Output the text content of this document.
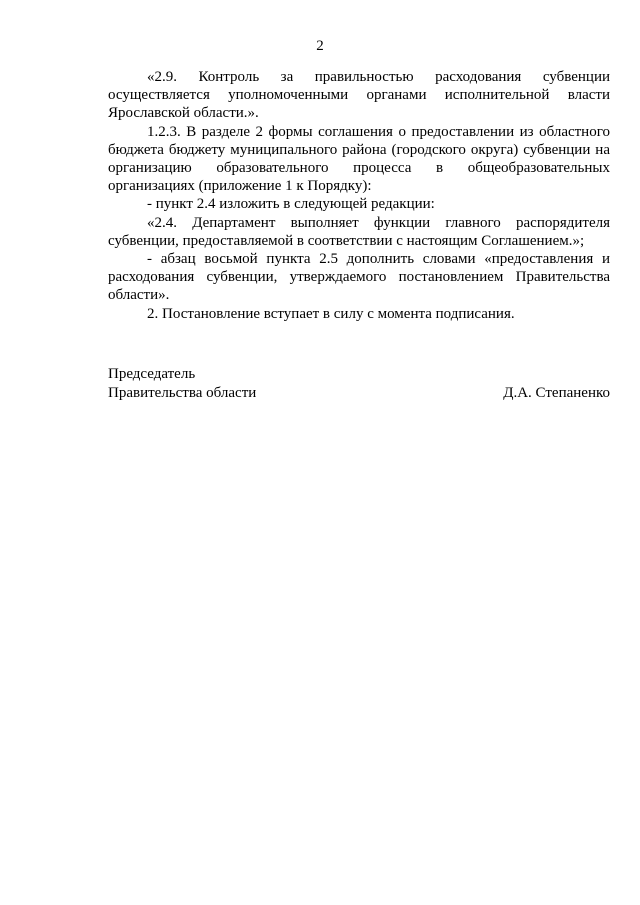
2

«2.9. Контроль за правильностью расходования субвенции осуществляется уполномоченными органами исполнительной власти Ярославской области.».

1.2.3. В разделе 2 формы соглашения о предоставлении из областного бюджета бюджету муниципального района (городского округа) субвенции на организацию образовательного процесса в общеобразовательных организациях (приложение 1 к Порядку):

- пункт 2.4 изложить в следующей редакции:

«2.4. Департамент выполняет функции главного распорядителя субвенции, предоставляемой в соответствии с настоящим Соглашением.»;

- абзац восьмой пункта 2.5 дополнить словами «предоставления и расходования субвенции, утверждаемого постановлением Правительства области».

2. Постановление вступает в силу с момента подписания.

Председатель
Правительства области	Д.А. Степаненко
